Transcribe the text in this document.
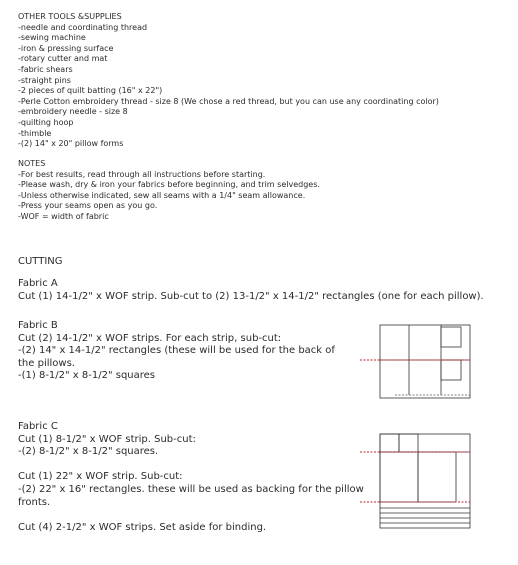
OTHER TOOLS &SUPPLIES
-needle and coordinating thread
-sewing machine
-iron & pressing surface
-rotary cutter and mat
-fabric shears
-straight pins
-2 pieces of quilt batting (16" x 22")
-Perle Cotton embroidery thread - size 8 (We chose a red thread, but you can use any coordinating color)
-embroidery needle - size 8
-quilting hoop
-thimble
-(2) 14" x 20" pillow forms
NOTES
-For best results, read through all instructions before starting.
-Please wash, dry & iron your fabrics before beginning, and trim selvedges.
-Unless otherwise indicated, sew all seams with a 1/4" seam allowance.
-Press your seams open as you go.
-WOF = width of fabric
CUTTING
Fabric A
Cut (1) 14-1/2" x WOF strip. Sub-cut to (2) 13-1/2" x 14-1/2" rectangles (one for each pillow).
Fabric B
Cut (2) 14-1/2" x WOF strips. For each strip, sub-cut:
-(2) 14" x 14-1/2" rectangles (these will be used for the back of
the pillows.
-(1) 8-1/2" x 8-1/2" squares
Fabric C
Cut (1) 8-1/2" x WOF strip. Sub-cut:
-(2) 8-1/2" x 8-1/2" squares.
Cut (1) 22" x WOF strip. Sub-cut:
-(2) 22" x 16" rectangles. these will be used as backing for the pillow
fronts.
Cut (4) 2-1/2" x WOF strips. Set aside for binding.
